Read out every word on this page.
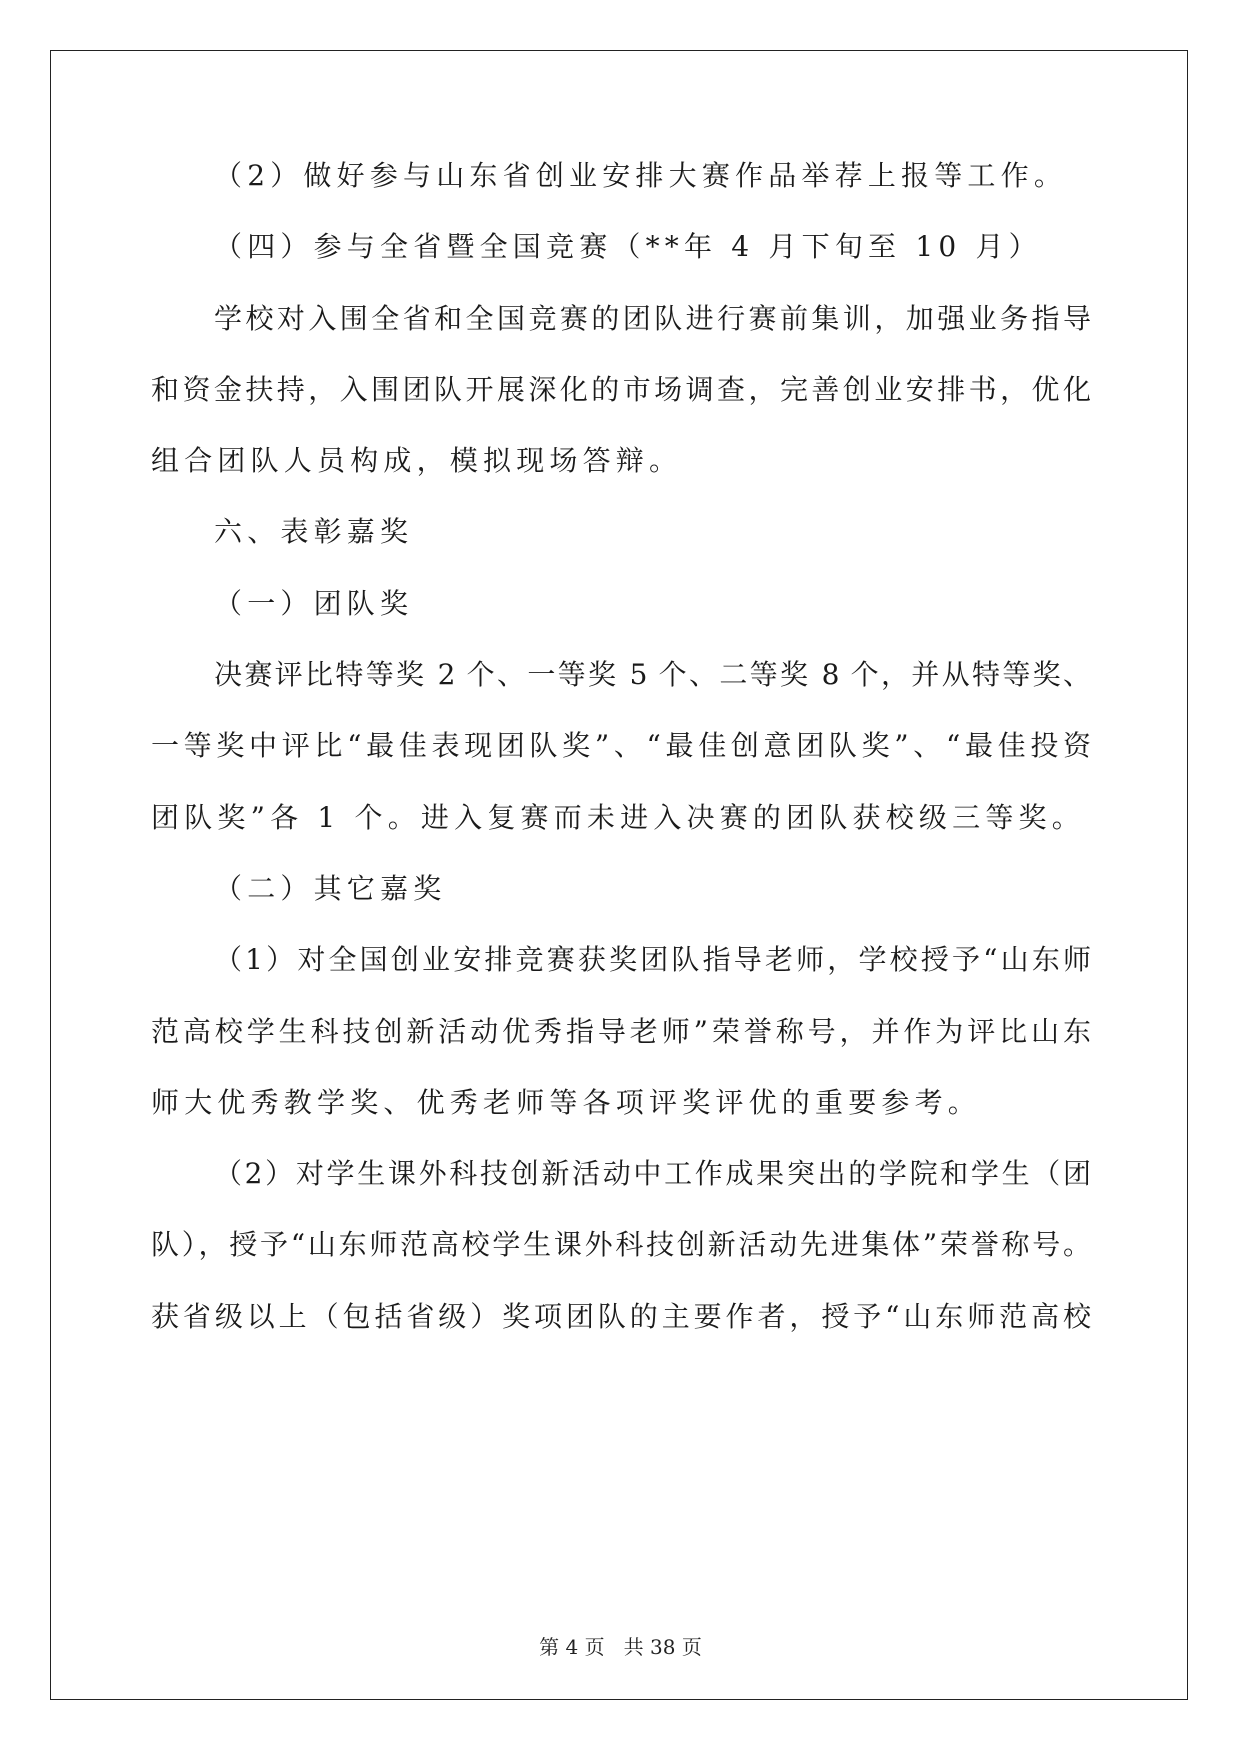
（2）做好参与山东省创业安排大赛作品举荐上报等工作。

（四）参与全省暨全国竞赛（**年 4 月下旬至 10 月）

学校对入围全省和全国竞赛的团队进行赛前集训，加强业务指导

和资金扶持，入围团队开展深化的市场调查，完善创业安排书，优化

组合团队人员构成，模拟现场答辩。

六、表彰嘉奖

（一）团队奖

决赛评比特等奖 2 个、一等奖 5 个、二等奖 8 个，并从特等奖、

一等奖中评比“最佳表现团队奖”、“最佳创意团队奖”、“最佳投资

团队奖”各 1 个。进入复赛而未进入决赛的团队获校级三等奖。

（二）其它嘉奖

（1）对全国创业安排竞赛获奖团队指导老师，学校授予“山东师

范高校学生科技创新活动优秀指导老师”荣誉称号，并作为评比山东

师大优秀教学奖、优秀老师等各项评奖评优的重要参考。

（2）对学生课外科技创新活动中工作成果突出的学院和学生（团

队），授予“山东师范高校学生课外科技创新活动先进集体”荣誉称号。

获省级以上（包括省级）奖项团队的主要作者，授予“山东师范高校

第 4 页 共 38 页
